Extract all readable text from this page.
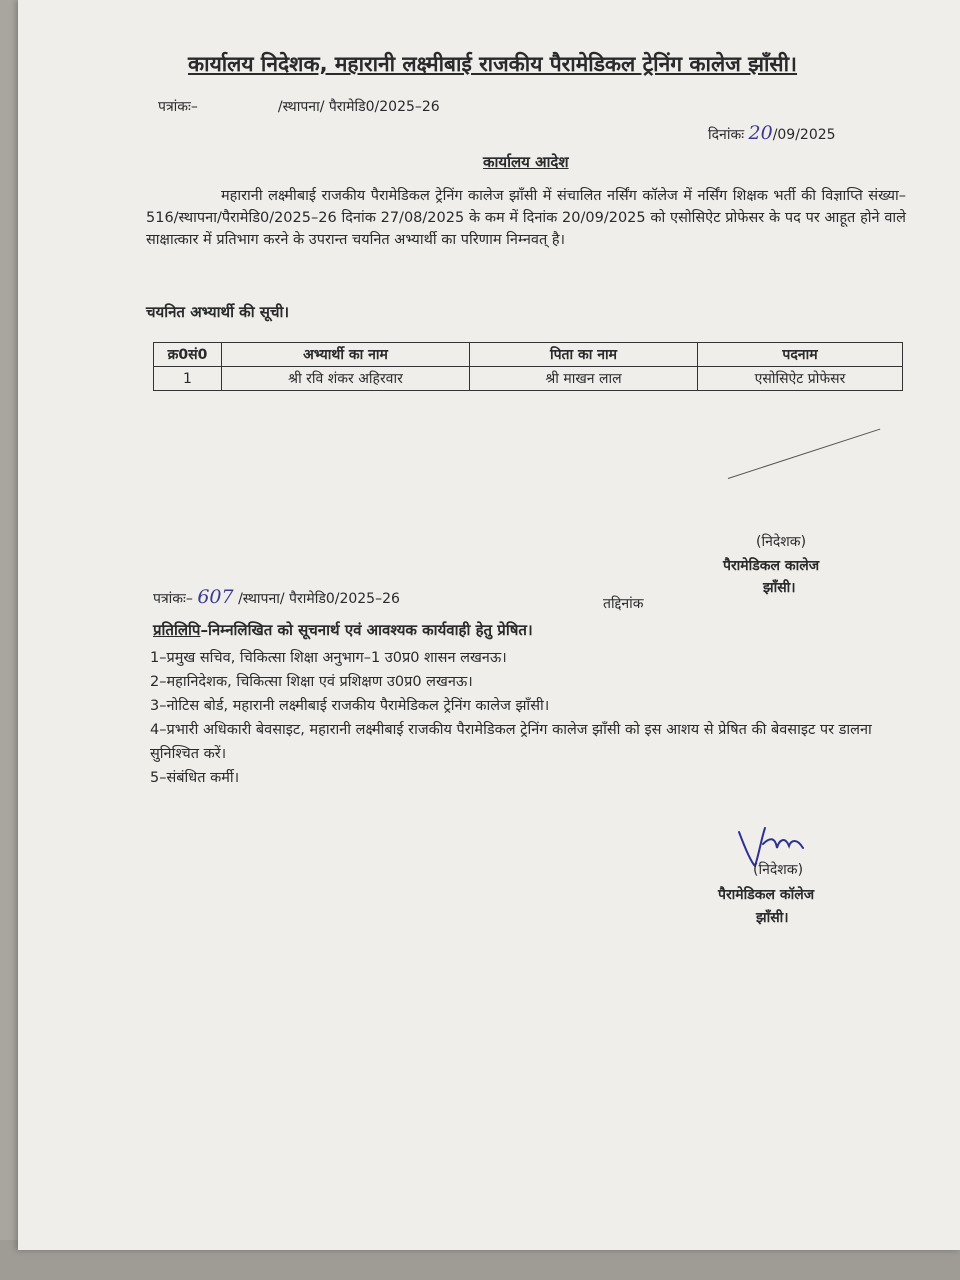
कार्यालय निदेशक, महारानी लक्ष्मीबाई राजकीय पैरामेडिकल ट्रेनिंग कालेज झाँसी।
पत्रांकः–	/स्थापना/ पैरामेडि0/2025–26
दिनांकः 20/09/2025
कार्यालय आदेश
महारानी लक्ष्मीबाई राजकीय पैरामेडिकल ट्रेनिंग कालेज झाँसी में संचालित नर्सिंग कॉलेज में नर्सिंग शिक्षक भर्ती की विज्ञाप्ति संख्या–516/स्थापना/पैरामेडि0/2025–26 दिनांक 27/08/2025 के कम में दिनांक 20/09/2025 को एसोसिऐट प्रोफेसर के पद पर आहूत होने वाले साक्षात्कार में प्रतिभाग करने के उपरान्त चयनित अभ्यार्थी का परिणाम निम्नवत् है।
चयनित अभ्यार्थी की सूची।
क्र0सं0	अभ्यार्थी का नाम	पिता का नाम	पदनाम
1	श्री रवि शंकर अहिरवार	श्री माखन लाल	एसोसिऐट प्रोफेसर
(निदेशक)
पैरामेडिकल कालेज
झाँसी।
पत्रांकः– 607 /स्थापना/ पैरामेडि0/2025–26	तद्दिनांक
प्रतिलिपि–निम्नलिखित को सूचनार्थ एवं आवश्यक कार्यवाही हेतु प्रेषित।
1–प्रमुख सचिव, चिकित्सा शिक्षा अनुभाग–1 उ0प्र0 शासन लखनऊ।
2–महानिदेशक, चिकित्सा शिक्षा एवं प्रशिक्षण उ0प्र0 लखनऊ।
3–नोटिस बोर्ड, महारानी लक्ष्मीबाई राजकीय पैरामेडिकल ट्रेनिंग कालेज झाँसी।
4–प्रभारी अधिकारी बेवसाइट, महारानी लक्ष्मीबाई राजकीय पैरामेडिकल ट्रेनिंग कालेज झाँसी को इस आशय से प्रेषित की बेवसाइट पर डालना सुनिश्चित करें।
5–संबंधित कर्मी।
(निदेशक)
पैरामेडिकल कॉलेज
झाँसी।
